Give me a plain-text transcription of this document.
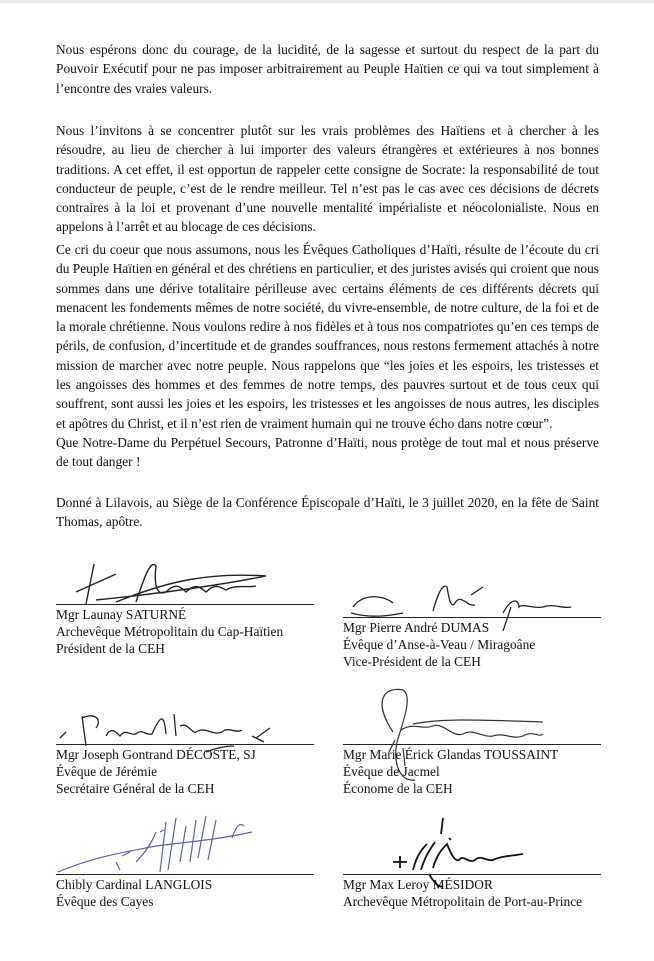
Nous espérons donc du courage, de la lucidité, de la sagesse et surtout du respect de la part du Pouvoir Exécutif pour ne pas imposer arbitrairement au Peuple Haïtien ce qui va tout simplement à l’encontre des vraies valeurs.

Nous l’invitons à se concentrer plutôt sur les vrais problèmes des Haïtiens et à chercher à les résoudre, au lieu de chercher à lui importer des valeurs étrangères et extérieures à nos bonnes traditions. A cet effet, il est opportun de rappeler cette consigne de Socrate: la responsabilité de tout conducteur de peuple, c’est de le rendre meilleur. Tel n’est pas le cas avec ces décisions de décrets contraires à la loi et provenant d’une nouvelle mentalité impérialiste et néocolonialiste. Nous en appelons à l’arrêt et au blocage de ces décisions.

Ce cri du coeur que nous assumons, nous les Évêques Catholiques d’Haïti, résulte de l’écoute du cri du Peuple Haïtien en général et des chrétiens en particulier, et des juristes avisés qui croient que nous sommes dans une dérive totalitaire périlleuse avec certains éléments de ces différents décrets qui menacent les fondements mêmes de notre société, du vivre-ensemble, de notre culture, de la foi et de la morale chrétienne. Nous voulons redire à nos fidèles et à tous nos compatriotes qu’en ces temps de périls, de confusion, d’incertitude et de grandes souffrances, nous restons fermement attachés à notre mission de marcher avec notre peuple. Nous rappelons que “les joies et les espoirs, les tristesses et les angoisses des hommes et des femmes de notre temps, des pauvres surtout et de tous ceux qui souffrent, sont aussi les joies et les espoirs, les tristesses et les angoisses de nous autres, les disciples et apôtres du Christ, et il n’est rien de vraiment humain qui ne trouve écho dans notre cœur”.

Que Notre-Dame du Perpétuel Secours, Patronne d’Haïti, nous protège de tout mal et nous préserve de tout danger !

Donné à Lilavois, au Siège de la Conférence Épiscopale d’Haïti, le 3 juillet 2020, en la fête de Saint Thomas, apôtre.

Mgr Launay SATURNÉ
Archevêque Métropolitain du Cap-Haïtien
Président de la CEH
Mgr Pierre André DUMAS
Évêque d’Anse-à-Veau / Miragoâne
Vice-Président de la CEH
Mgr Joseph Gontrand DÉCOSTE, SJ
Évêque de Jérémie
Secrétaire Général de la CEH
Mgr Marie Érick Glandas TOUSSAINT
Évêque de Jacmel
Économe de la CEH
Chibly Cardinal LANGLOIS
Évêque des Cayes
Mgr Max Leroy MÉSIDOR
Archevêque Métropolitain de Port-au-Prince
